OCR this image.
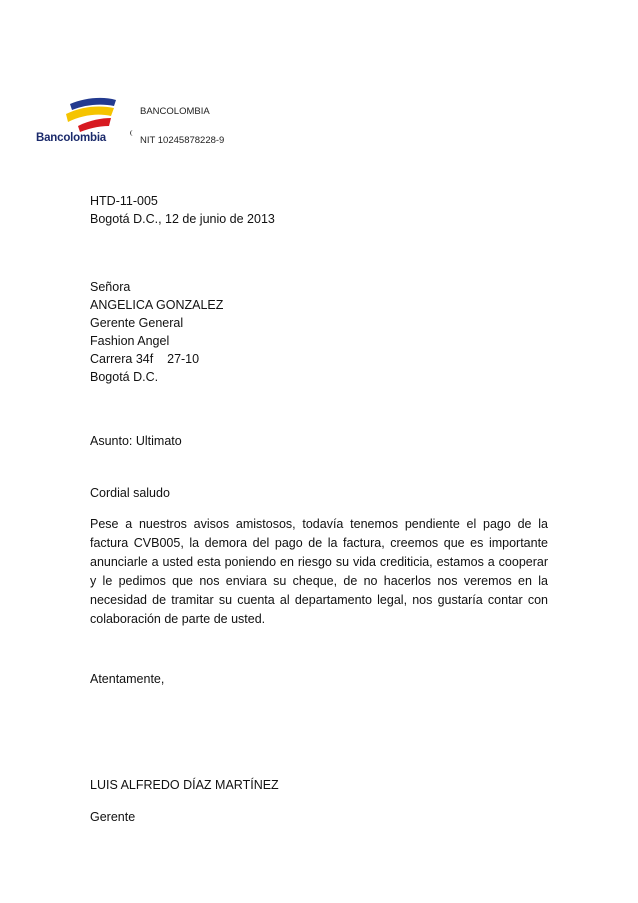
Bancolombia
BANCOLOMBIA
NIT 10245878228-9
HTD-11-005
Bogotá D.C., 12 de junio de 2013
Señora
ANGELICA GONZALEZ
Gerente General
Fashion Angel
Carrera 34f    27-10
Bogotá D.C.
Asunto: Ultimato
Cordial saludo
Pese a nuestros avisos amistosos, todavía tenemos pendiente el pago de la factura CVB005, la demora del pago de la factura, creemos que es importante anunciarle a usted esta poniendo en riesgo su vida crediticia, estamos a cooperar y le pedimos que nos enviara su cheque, de no hacerlos nos veremos en la necesidad de tramitar su cuenta al departamento legal, nos gustaría contar con colaboración de parte de usted.
Atentamente,
LUIS ALFREDO DÍAZ MARTÍNEZ
Gerente
